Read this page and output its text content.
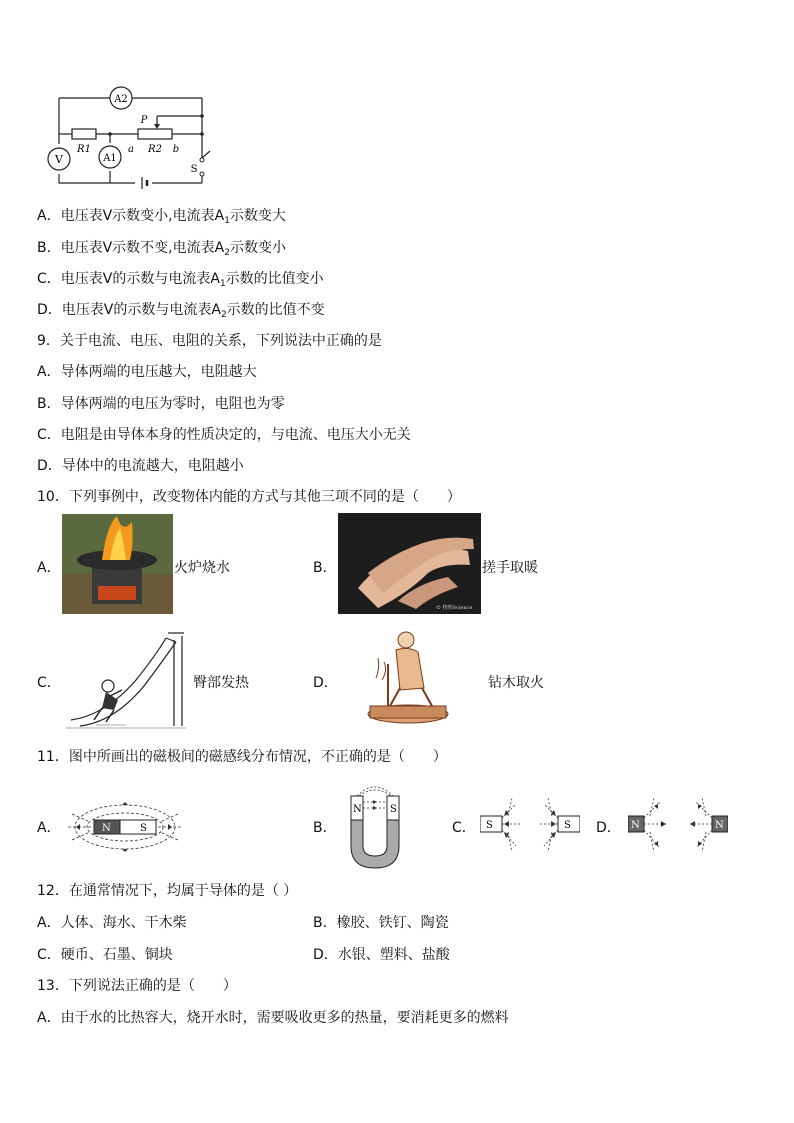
A2
V	A1
R1	R2
a	b
P
S
A．电压表V示数变小,电流表$A_1$示数变大
B．电压表V示数不变,电流表$A_2$示数变小
C．电压表V的示数与电流表$A_1$示数的比值变小
D．电压表V的示数与电流表$A_2$示数的比值不变
9．关于电流、电压、电阻的关系，下列说法中正确的是
A．导体两端的电压越大，电阻越大
B．导体两端的电压为零时，电阻也为零
C．电阻是由导体本身的性质决定的，与电流、电压大小无关
D．导体中的电流越大，电阻越小
10．下列事例中，改变物体内能的方式与其他三项不同的是（　　）
A．	火炉烧水	B．
© 物理Science
搓手取暖
C．	臀部发热	D．	钻木取火
11．图中所画出的磁极间的磁感线分布情况，不正确的是（　　）
A．	N	S	B．
N	S
C． S	S D． N	N
12．在通常情况下，均属于导体的是（ ）
A．人体、海水、干木柴	B．橡胶、铁钉、陶瓷
C．硬币、石墨、铜块	D．水银、塑料、盐酸
13．下列说法正确的是（　　）
A．由于水的比热容大，烧开水时，需要吸收更多的热量，要消耗更多的燃料
